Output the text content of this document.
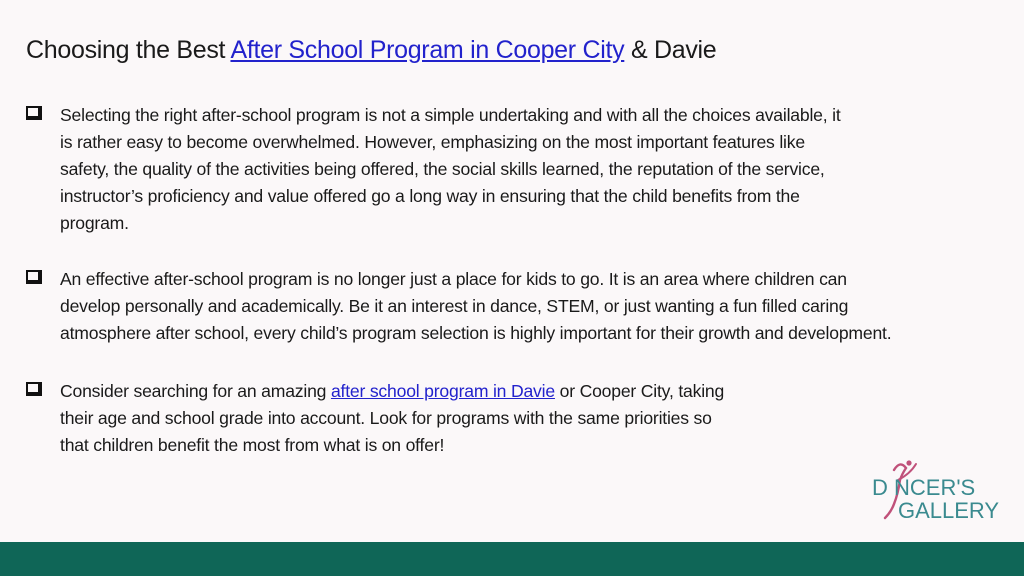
Choosing the Best After School Program in Cooper City & Davie
Selecting the right after-school program is not a simple undertaking and with all the choices available, it
is rather easy to become overwhelmed. However, emphasizing on the most important features like
safety, the quality of the activities being offered, the social skills learned, the reputation of the service,
instructor’s proficiency and value offered go a long way in ensuring that the child benefits from the
program.
An effective after-school program is no longer just a place for kids to go. It is an area where children can
develop personally and academically. Be it an interest in dance, STEM, or just wanting a fun filled caring
atmosphere after school, every child’s program selection is highly important for their growth and development.
Consider searching for an amazing after school program in Davie or Cooper City, taking
their age and school grade into account. Look for programs with the same priorities so
that children benefit the most from what is on offer!
D NCER'S
GALLERY
